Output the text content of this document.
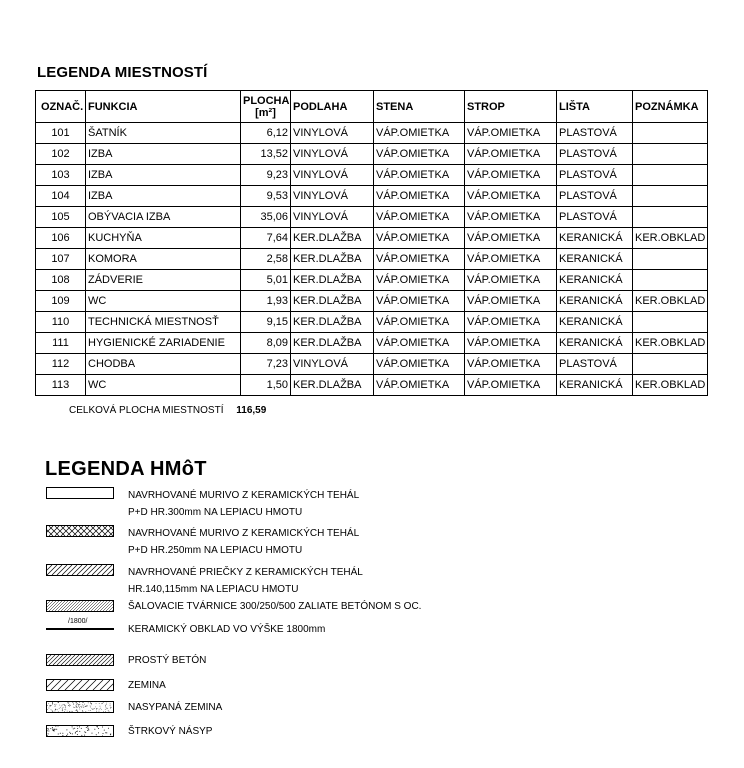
LEGENDA MIESTNOSTÍ
OZNAČ.	FUNKCIA	PLOCHA
[m²]	PODLAHA	STENA	STROP	LIŠTA	POZNÁMKA
101	ŠATNÍK	6,12	VINYLOVÁ	VÁP.OMIETKA	VÁP.OMIETKA	PLASTOVÁ	
102	IZBA	13,52	VINYLOVÁ	VÁP.OMIETKA	VÁP.OMIETKA	PLASTOVÁ	
103	IZBA	9,23	VINYLOVÁ	VÁP.OMIETKA	VÁP.OMIETKA	PLASTOVÁ	
104	IZBA	9,53	VINYLOVÁ	VÁP.OMIETKA	VÁP.OMIETKA	PLASTOVÁ	
105	OBÝVACIA IZBA	35,06	VINYLOVÁ	VÁP.OMIETKA	VÁP.OMIETKA	PLASTOVÁ	
106	KUCHYŇA	7,64	KER.DLAŽBA	VÁP.OMIETKA	VÁP.OMIETKA	KERANICKÁ	KER.OBKLAD
107	KOMORA	2,58	KER.DLAŽBA	VÁP.OMIETKA	VÁP.OMIETKA	KERANICKÁ	
108	ZÁDVERIE	5,01	KER.DLAŽBA	VÁP.OMIETKA	VÁP.OMIETKA	KERANICKÁ	
109	WC	1,93	KER.DLAŽBA	VÁP.OMIETKA	VÁP.OMIETKA	KERANICKÁ	KER.OBKLAD
110	TECHNICKÁ MIESTNOSŤ	9,15	KER.DLAŽBA	VÁP.OMIETKA	VÁP.OMIETKA	KERANICKÁ	
111	HYGIENICKÉ ZARIADENIE	8,09	KER.DLAŽBA	VÁP.OMIETKA	VÁP.OMIETKA	KERANICKÁ	KER.OBKLAD
112	CHODBA	7,23	VINYLOVÁ	VÁP.OMIETKA	VÁP.OMIETKA	PLASTOVÁ	
113	WC	1,50	KER.DLAŽBA	VÁP.OMIETKA	VÁP.OMIETKA	KERANICKÁ	KER.OBKLAD
CELKOVÁ PLOCHA MIESTNOSTÍ 116,59
LEGENDA HMôT
NAVRHOVANÉ MURIVO Z KERAMICKÝCH TEHÁL
P+D HR.300mm NA LEPIACU HMOTU
NAVRHOVANÉ MURIVO Z KERAMICKÝCH TEHÁL
P+D HR.250mm NA LEPIACU HMOTU
NAVRHOVANÉ PRIEČKY Z KERAMICKÝCH TEHÁL
HR.140,115mm NA LEPIACU HMOTU
ŠALOVACIE TVÁRNICE 300/250/500 ZALIATE BETÓNOM S OC.
/1800/
KERAMICKÝ OBKLAD VO VÝŠKE 1800mm
PROSTÝ BETÓN
ZEMINA
NASYPANÁ ZEMINA
ŠTRKOVÝ NÁSYP
